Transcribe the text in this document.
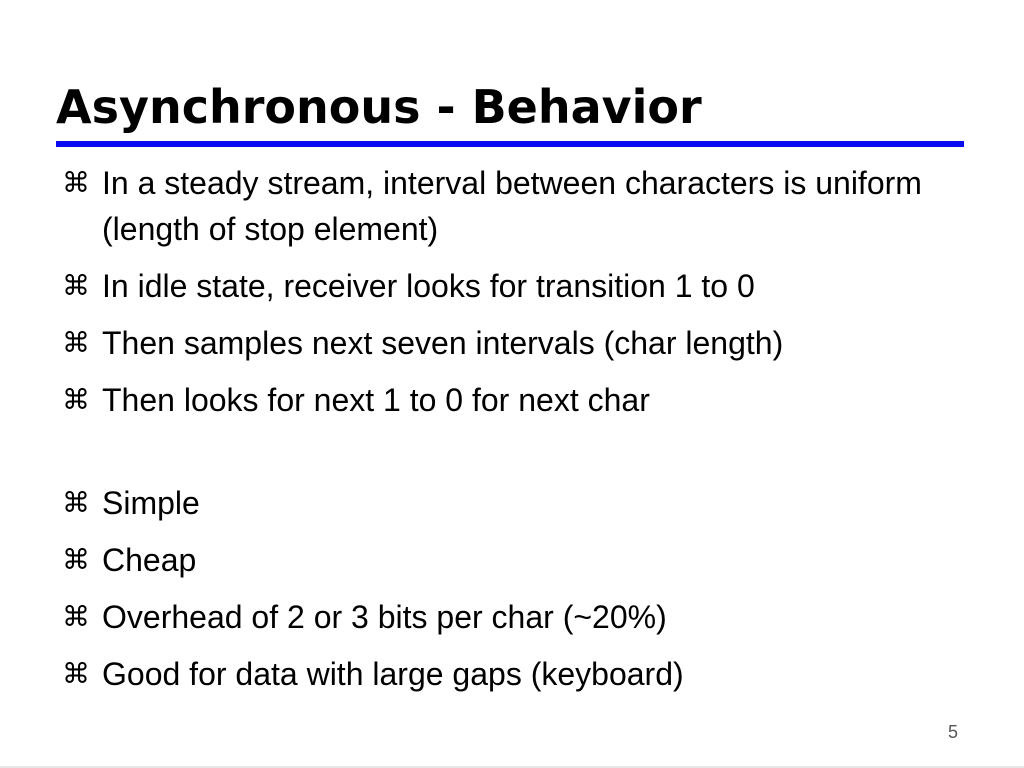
Asynchronous - Behavior
⌘ In a steady stream, interval between characters is uniform (length of stop element)
⌘ In idle state, receiver looks for transition 1 to 0
⌘ Then samples next seven intervals (char length)
⌘ Then looks for next 1 to 0 for next char
⌘ Simple
⌘ Cheap
⌘ Overhead of 2 or 3 bits per char (~20%)
⌘ Good for data with large gaps (keyboard)
5
